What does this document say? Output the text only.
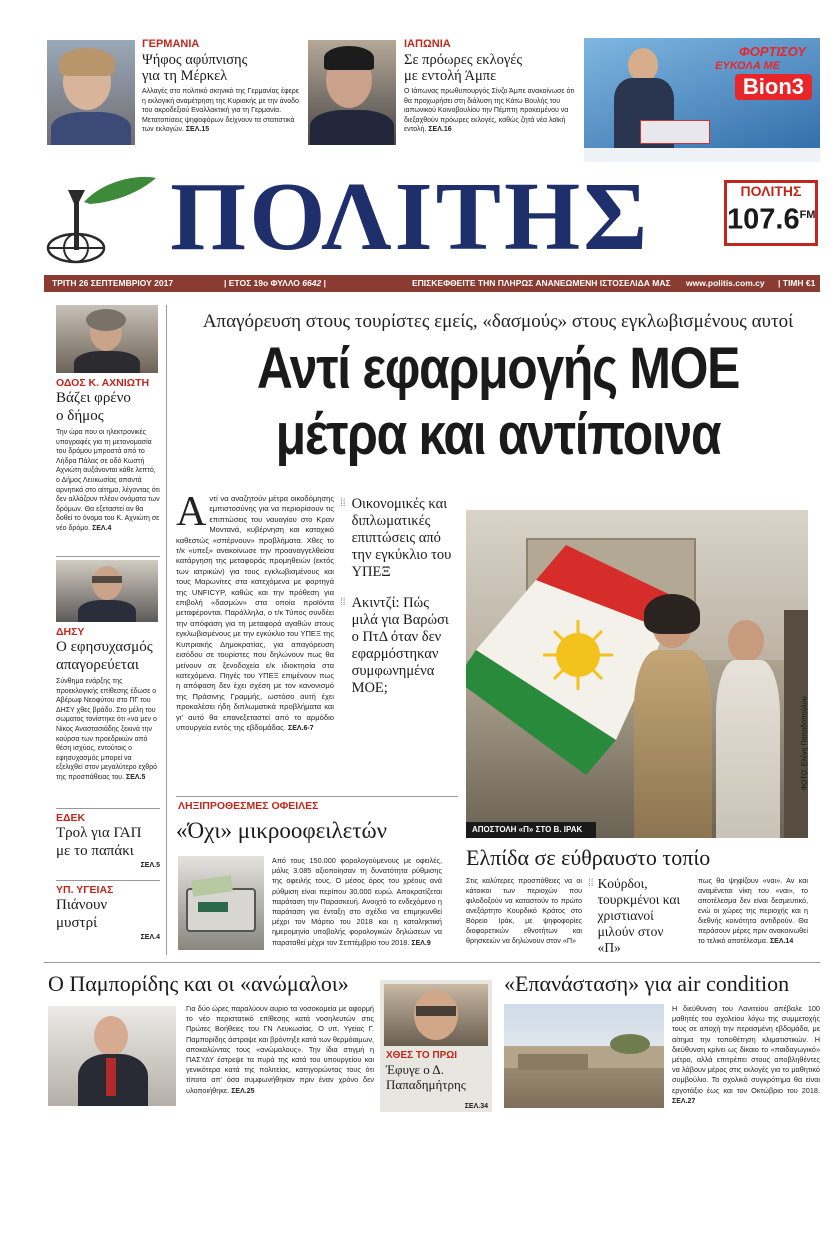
ΓΕΡΜΑΝΙΑ
Ψήφος αφύπνισης
για τη Μέρκελ
Αλλαγές στο πολιτικό σκηνικό της Γερμανίας έφερε η εκλογική αναμέτρηση της Κυριακής με την άνοδο του ακροδεξιού Εναλλακτική για τη Γερμανία. Μετατοπίσεις ψηφοφόρων δείχνουν τα στατιστικά των εκλογών. ΣΕΛ.15
ΙΑΠΩΝΙΑ
Σε πρόωρες εκλογές
με εντολή Άμπε
Ο Ιάπωνας πρωθυπουργός Σίνζο Άμπε ανακοίνωσε ότι θα προχωρήσει στη διάλυση της Κάτω Βουλής του ιαπωνικού Κοινοβουλίου την Πέμπτη προκειμένου να διεξαχθούν πρόωρες εκλογές, καθώς ζητά νέα λαϊκή εντολή. ΣΕΛ.16
ΦΟΡΤΙΣΟΥ
ΕΥΚΟΛΑ ΜΕ
Bion3
ΠΟΛΙΤΗΣ	ΠΟΛΙΤΗΣ
$107.6^{FM}$
ΤΡΙΤΗ 26 ΣΕΠΤΕΜΒΡΙΟΥ 2017	| ΕΤΟΣ 19ο ΦΥΛΛΟ 6642 |	ΕΠΙΣΚΕΦΘΕΙΤΕ ΤΗΝ ΠΛΗΡΩΣ ΑΝΑΝΕΩΜΕΝΗ ΙΣΤΟΣΕΛΙΔΑ ΜΑΣ www.politis.com.cy | ΤΙΜΗ €1
ΟΔΟΣ Κ. ΑΧΝΙΩΤΗ
Βάζει φρένο
ο δήμος
Την ώρα που οι ηλεκτρονικές υπογραφές για τη μετονομασία του δρόμου μπροστά από το Λήδρα Πάλας σε οδό Κωστή Αχνιώτη αυξάνονται κάθε λεπτό, ο Δήμος Λευκωσίας απαντά αρνητικά στο αίτημα, λέγοντας ότι δεν αλλάζουν πλέον ονόματα των δρόμων. Θα εξεταστεί αν θα δοθεί το όνομα του Κ. Αχνιώτη σε νέο δρόμο. ΣΕΛ.4
ΔΗΣΥ
Ο εφησυχασμός
απαγορεύεται
Σύνθημα ενάρξης της προεκλογικής επίθεσης έδωσε ο Αβέρωφ Νεοφύτου στο ΠΓ του ΔΗΣΥ χθες βράδυ. Στο μέλη του σωματος τονίστηκε ότι «να μεν ο Νίκος Αναστασιάδης ξεκινά την κούρσα των προεδρικών από θέση ισχύος, εντούτοις ο εφησυχασμός μπορεί να εξελιχθεί στον μεγαλύτερο εχθρό της προσπάθειας του. ΣΕΛ.5
ΕΔΕΚ
Τρολ για ΓΑΠ
με το παπάκι
ΣΕΛ.5
ΥΠ. ΥΓΕΙΑΣ
Πιάνουν
μυστρί
ΣΕΛ.4
Απαγόρευση στους τουρίστες εμείς, «δασμούς» στους εγκλωβισμένους αυτοί
Αντί εφαρμογής ΜΟΕ
μέτρα και αντίποινα
Α ντί να αναζητούν μέτρα οικοδόμησης εμπιστοσύνης για να περιορίσουν τις επιπτώσεις του ναυαγίου στο Κραν Μοντανά, κυβέρνηση και κατοχικό καθεστώς «σπέρνουν» προβλήματα. Χθες το τ/κ «υπεξ» ανακοίνωσε την προαναγγελθείσα κατάργηση της μεταφοράς προμηθειών (εκτός των ιατρικών) για τους εγκλωβισμένους και τους Μαρωνίτες στα κατεχόμενα με φορτηγά της UNFICYP, καθώς και την πρόθεση για επιβολή «δασμών» στα οποία προϊόντα μεταφέρονται. Παράλληλα, ο τ/κ Τύπος συνδέει την απόφαση για τη μεταφορά αγαθών στους εγκλωβισμένους με την εγκύκλιο του ΥΠΕΞ της Κυπριακής Δημοκρατίας, για απαγόρευση εισόδου σε τουρίστες που δηλώνουν πως θα μείνουν σε ξενοδοχεία ε/κ ιδιοκτησία στα κατεχόμενα. Πηγές του ΥΠΕΞ επιμένουν πως η απόφαση δεν έχει σχέση με τον κανονισμό της Πράσινης Γραμμής, ωστόσο αυτή έχει προκαλέσει ήδη διπλωματικά προβλήματα και γι' αυτό θα επανεξεταστεί από το αρμόδιο υπουργεία εντός της εβδομάδας. ΣΕΛ.6-7
⁞⁞ Οικονομικές και διπλωματικές επιπτώσεις από την εγκύκλιο του ΥΠΕΞ
⁞⁞ Ακιντζί: Πώς μιλά για Βαρώσι ο ΠτΔ όταν δεν εφαρμόστηκαν συμφωνημένα ΜΟΕ;
ΛΗΞΙΠΡΟΘΕΣΜΕΣ ΟΦΕΙΛΕΣ
«Όχι» μικροοφειλετών
Από τους 150.000 φορολογούμενους με οφειλές, μόλις 3.085 αξιοποίησαν τη δυνατότητα ρύθμισης της οφειλής τους. Ο μέσος όρος του χρέους ανά ρύθμιση είναι περίπου 30.000 ευρώ. Αποκρατίζεται παράταση την Παρασκευή. Ανοιχτό το ενδεχόμενο η παράταση για ένταξη στο σχέδιο να επιμηκυνθεί μέχρι τον Μάρτιο του 2018 και η καταληκτική ημερομηνία υποβολής φορολογικών δηλώσεων να παραταθεί μέχρι τον Σεπτέμβριο του 2018. ΣΕΛ.9
ΑΠΟΣΤΟΛΗ «Π» ΣΤΟ Β. ΙΡΑΚ
ΦΩΤΟ: Ελένη Παπαδοπούλου
Ελπίδα σε εύθραυστο τοπίο
Στις καλύτερες προσπάθειες να οι κάτοικοι των περιοχών που φιλοδοξούν να καταστούν το πρώτο ανεξάρτητο Κουρδικό Κράτος στο Βόρειο Ιράκ, με ψηφοφορίες διοφορετικών εθνοτήτων και θρησκειών να δηλώνουν στον «Π»
⁞⁞ Κούρδοι, τουρκμένοι και χριστιανοί μιλούν στον «Π»
πως θα ψηφίζουν «ναι». Αν και αναμένεται νίκη του «ναι», το αποτέλεσμα δεν είναι δεσμευτικό, ενώ οι χώρες της περιοχής και η διεθνής κοινότητα αντιδρούν. Θα περάσουν μέρες πριν ανακοινωθεί το τελικό αποτέλεσμα. ΣΕΛ.14
Ο Παμπορίδης και οι «ανώμαλοι»
Για δύο ώρες παραλύουν αυριο τα νοσοκομεία με αφορμή το νέο περιστατικό επίθεσης κατά νοσηλευτών στις Πρώτες Βοήθειες του ΓΝ Λευκωσίας. Ο υπ. Υγείας Γ. Παμπορίδης άστραψε και βρόντηξε κατά των θερμόαιμων, αποκαλώντας τους «ανώμαλους». Την ίδια στιγμή η ΠΑΣΥΔΥ έστρεψε τα πυρά της κατά του υπουργείου και γενικότερα κατά της πολιτείας, κατηγορώντας τους ότι τίποτα απ' όσα συμφωνήθηκαν πριν έναν χρόνο δεν υλοποιήθηκε. ΣΕΛ.25
ΧΘΕΣ ΤΟ ΠΡΩΙ
Έφυγε ο Δ.
Παπαδημήτρης
ΣΕΛ.34
«Επανάσταση» για air condition
Η διεύθυνση του Λανιτείου απέβαλε 100 μαθητές του σχολείου λόγω της συμμετοχής τους σε αποχή την περασμένη εβδομάδα, με αίτημα την τοποθέτηση κλιματιστικών. Η διεύθυνση κρίνει ως δίκαιο το «παιδαγωγικό» μέτρο, αλλά επιτρέπει στους αποβληθέντες να λάβουν μέρος στις εκλογές για το μαθητικό συμβούλιο. Το σχολικό συγκρότημα θα είναι εργοτάξιο έως και τον Οκτώβριο του 2018. ΣΕΛ.27
